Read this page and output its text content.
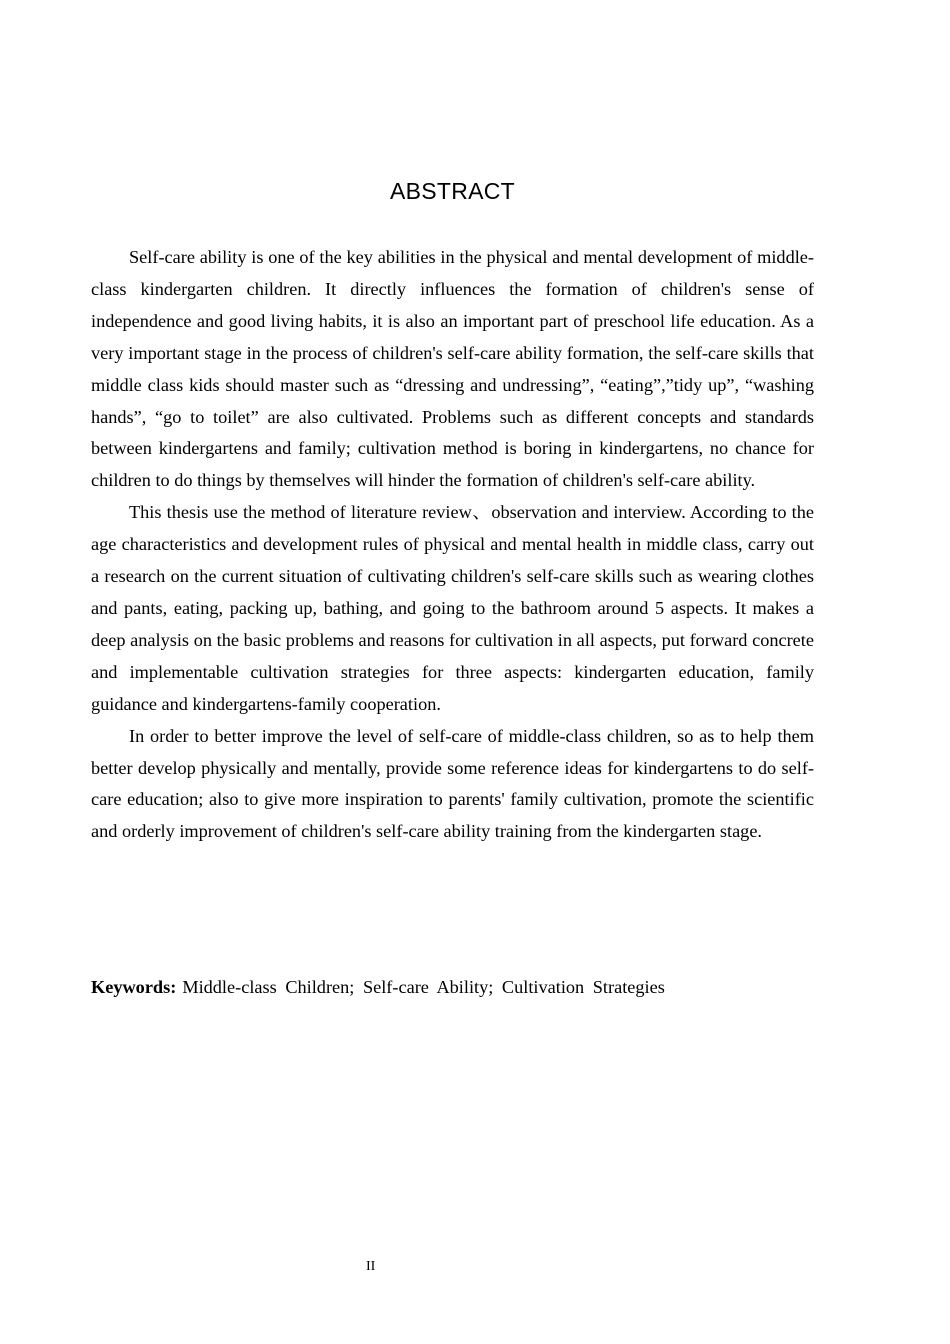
ABSTRACT

Self-care ability is one of the key abilities in the physical and mental development of middle-class kindergarten children. It directly influences the formation of children's sense of independence and good living habits, it is also an important part of preschool life education. As a very important stage in the process of children's self-care ability formation, the self-care skills that middle class kids should master such as “dressing and undressing”, “eating”,”tidy up”, “washing hands”, “go to toilet” are also cultivated. Problems such as different concepts and standards between kindergartens and family; cultivation method is boring in kindergartens, no chance for children to do things by themselves will hinder the formation of children's self-care ability.

This thesis use the method of literature review、observation and interview. According to the age characteristics and development rules of physical and mental health in middle class, carry out a research on the current situation of cultivating children's self-care skills such as wearing clothes and pants, eating, packing up, bathing, and going to the bathroom around 5 aspects. It makes a deep analysis on the basic problems and reasons for cultivation in all aspects, put forward concrete and implementable cultivation strategies for three aspects: kindergarten education, family guidance and kindergartens-family cooperation.

In order to better improve the level of self-care of middle-class children, so as to help them better develop physically and mentally, provide some reference ideas for kindergartens to do self-care education; also to give more inspiration to parents' family cultivation, promote the scientific and orderly improvement of children's self-care ability training from the kindergarten stage.

Keywords: Middle-class Children; Self-care Ability; Cultivation Strategies
II
